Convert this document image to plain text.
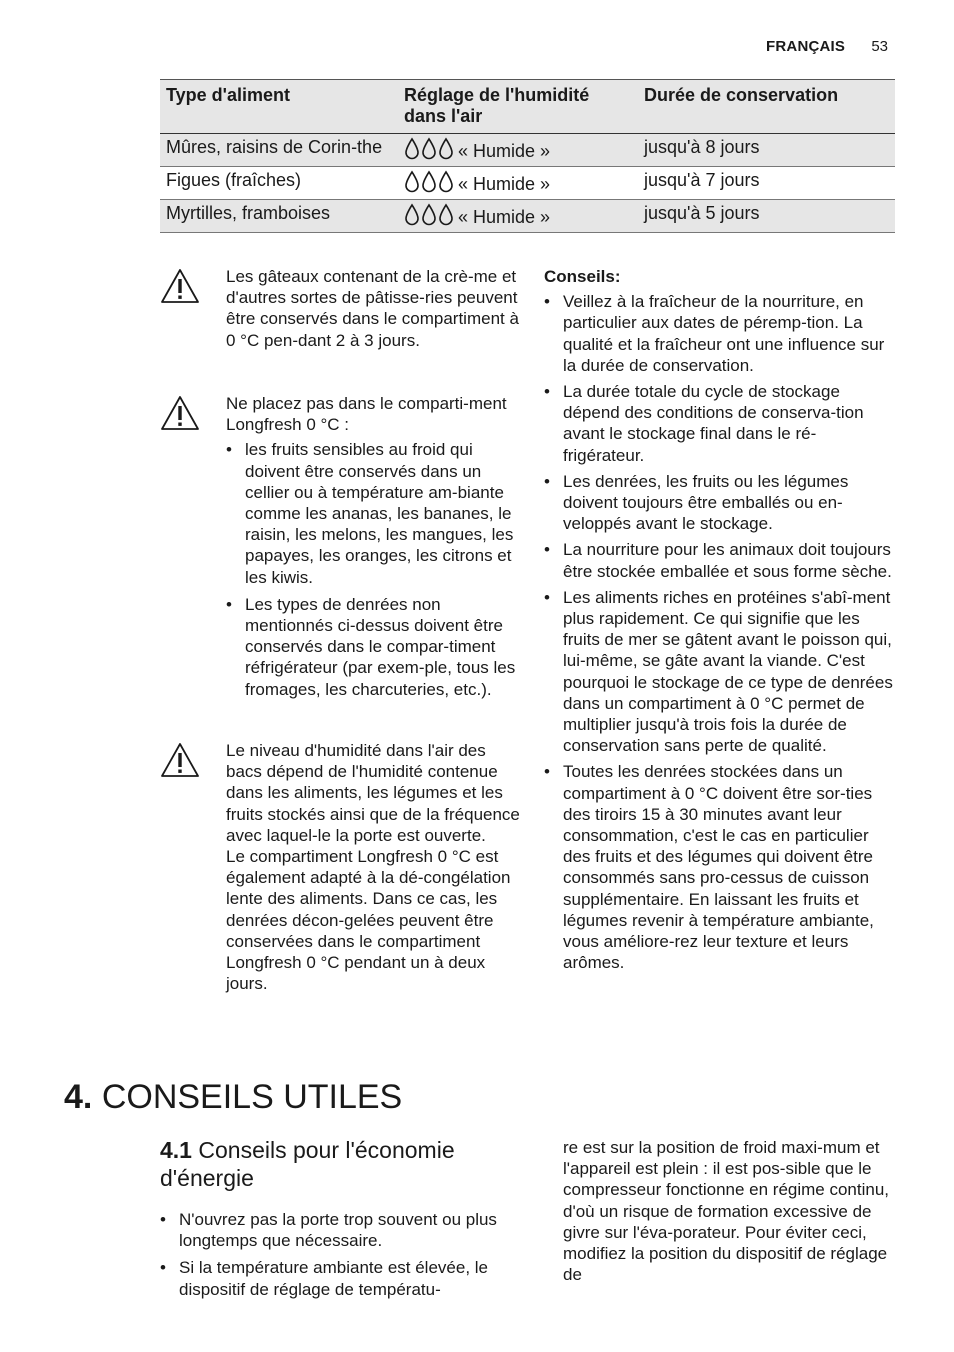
FRANÇAIS 53
Type d'aliment	Réglage de l'humidité dans l'air	Durée de conservation
Mûres, raisins de Corin-the	« Humide »	jusqu'à 8 jours
Figues (fraîches)	« Humide »	jusqu'à 7 jours
Myrtilles, framboises	« Humide »	jusqu'à 5 jours

Les gâteaux contenant de la crè-me et d'autres sortes de pâtisse-ries peuvent être conservés dans le compartiment à 0 °C pen-dant 2 à 3 jours.

Ne placez pas dans le comparti-ment Longfresh 0 °C :

• les fruits sensibles au froid qui doivent être conservés dans un cellier ou à température am-biante comme les ananas, les bananes, le raisin, les melons, les mangues, les papayes, les oranges, les citrons et les kiwis.
• Les types de denrées non mentionnés ci-dessus doivent être conservés dans le compar-timent réfrigérateur (par exem-ple, tous les fromages, les charcuteries, etc.).

Le niveau d'humidité dans l'air des bacs dépend de l'humidité contenue dans les aliments, les légumes et les fruits stockés ainsi que de la fréquence avec laquel-le la porte est ouverte.

Le compartiment Longfresh 0 °C est également adapté à la dé-congélation lente des aliments. Dans ce cas, les denrées décon-gelées peuvent être conservées dans le compartiment Longfresh 0 °C pendant un à deux jours.

Conseils:
• Veillez à la fraîcheur de la nourriture, en particulier aux dates de péremp-tion. La qualité et la fraîcheur ont une influence sur la durée de conservation.
• La durée totale du cycle de stockage dépend des conditions de conserva-tion avant le stockage final dans le ré-frigérateur.
• Les denrées, les fruits ou les légumes doivent toujours être emballés ou en-veloppés avant le stockage.
• La nourriture pour les animaux doit toujours être stockée emballée et sous forme sèche.
• Les aliments riches en protéines s'abî-ment plus rapidement. Ce qui signifie que les fruits de mer se gâtent avant le poisson qui, lui-même, se gâte avant la viande. C'est pourquoi le stockage de ce type de denrées dans un compartiment à 0 °C permet de multiplier jusqu'à trois fois la durée de conservation sans perte de qualité.
• Toutes les denrées stockées dans un compartiment à 0 °C doivent être sor-ties des tiroirs 15 à 30 minutes avant leur consommation, c'est le cas en particulier des fruits et des légumes qui doivent être consommés sans pro-cessus de cuisson supplémentaire. En laissant les fruits et légumes revenir à température ambiante, vous améliore-rez leur texture et leurs arômes.
4. CONSEILS UTILES
4.1 Conseils pour l'économie d'énergie
• N'ouvrez pas la porte trop souvent ou plus longtemps que nécessaire.
• Si la température ambiante est élevée, le dispositif de réglage de températu-
re est sur la position de froid maxi-mum et l'appareil est plein : il est pos-sible que le compresseur fonctionne en régime continu, d'où un risque de formation excessive de givre sur l'éva-porateur. Pour éviter ceci, modifiez la position du dispositif de réglage de
